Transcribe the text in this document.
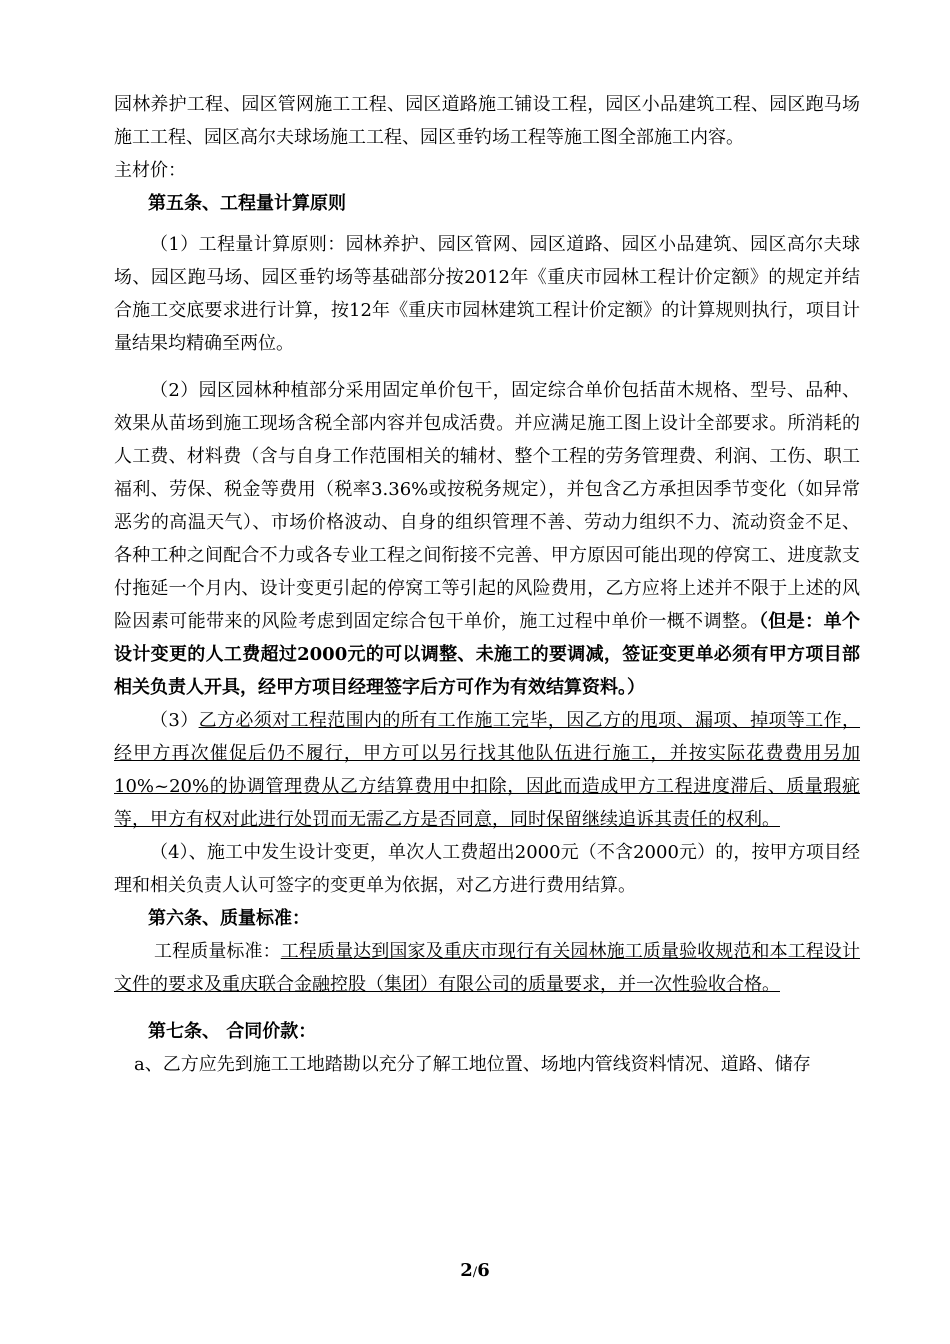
园林养护工程、园区管网施工工程、园区道路施工铺设工程，园区小品建筑工程、园区跑马场施工工程、园区高尔夫球场施工工程、园区垂钓场工程等施工图全部施工内容。

主材价：

第五条、工程量计算原则

（1）工程量计算原则：园林养护、园区管网、园区道路、园区小品建筑、园区高尔夫球场、园区跑马场、园区垂钓场等基础部分按2012年《重庆市园林工程计价定额》的规定并结合施工交底要求进行计算，按12年《重庆市园林建筑工程计价定额》的计算规则执行，项目计量结果均精确至两位。

（2）园区园林种植部分采用固定单价包干，固定综合单价包括苗木规格、型号、品种、效果从苗场到施工现场含税全部内容并包成活费。并应满足施工图上设计全部要求。所消耗的人工费、材料费（含与自身工作范围相关的辅材、整个工程的劳务管理费、利润、工伤、职工福利、劳保、税金等费用（税率3.36%或按税务规定），并包含乙方承担因季节变化（如异常恶劣的高温天气）、市场价格波动、自身的组织管理不善、劳动力组织不力、流动资金不足、各种工种之间配合不力或各专业工程之间衔接不完善、甲方原因可能出现的停窝工、进度款支付拖延一个月内、设计变更引起的停窝工等引起的风险费用，乙方应将上述并不限于上述的风险因素可能带来的风险考虑到固定综合包干单价，施工过程中单价一概不调整。（但是：单个设计变更的人工费超过2000元的可以调整、未施工的要调减，签证变更单必须有甲方项目部相关负责人开具，经甲方项目经理签字后方可作为有效结算资料。）

（3）乙方必须对工程范围内的所有工作施工完毕，因乙方的甩项、漏项、掉项等工作，经甲方再次催促后仍不履行，甲方可以另行找其他队伍进行施工，并按实际花费费用另加10%~20%的协调管理费从乙方结算费用中扣除，因此而造成甲方工程进度滞后、质量瑕疵等，甲方有权对此进行处罚而无需乙方是否同意，同时保留继续追诉其责任的权利。

（4）、施工中发生设计变更，单次人工费超出2000元（不含2000元）的，按甲方项目经理和相关负责人认可签字的变更单为依据，对乙方进行费用结算。

第六条、质量标准：

工程质量标准：工程质量达到国家及重庆市现行有关园林施工质量验收规范和本工程设计文件的要求及重庆联合金融控股（集团）有限公司的质量要求，并一次性验收合格。

第七条、 合同价款：

a、乙方应先到施工工地踏勘以充分了解工地位置、场地内管线资料情况、道路、储存

2/6
